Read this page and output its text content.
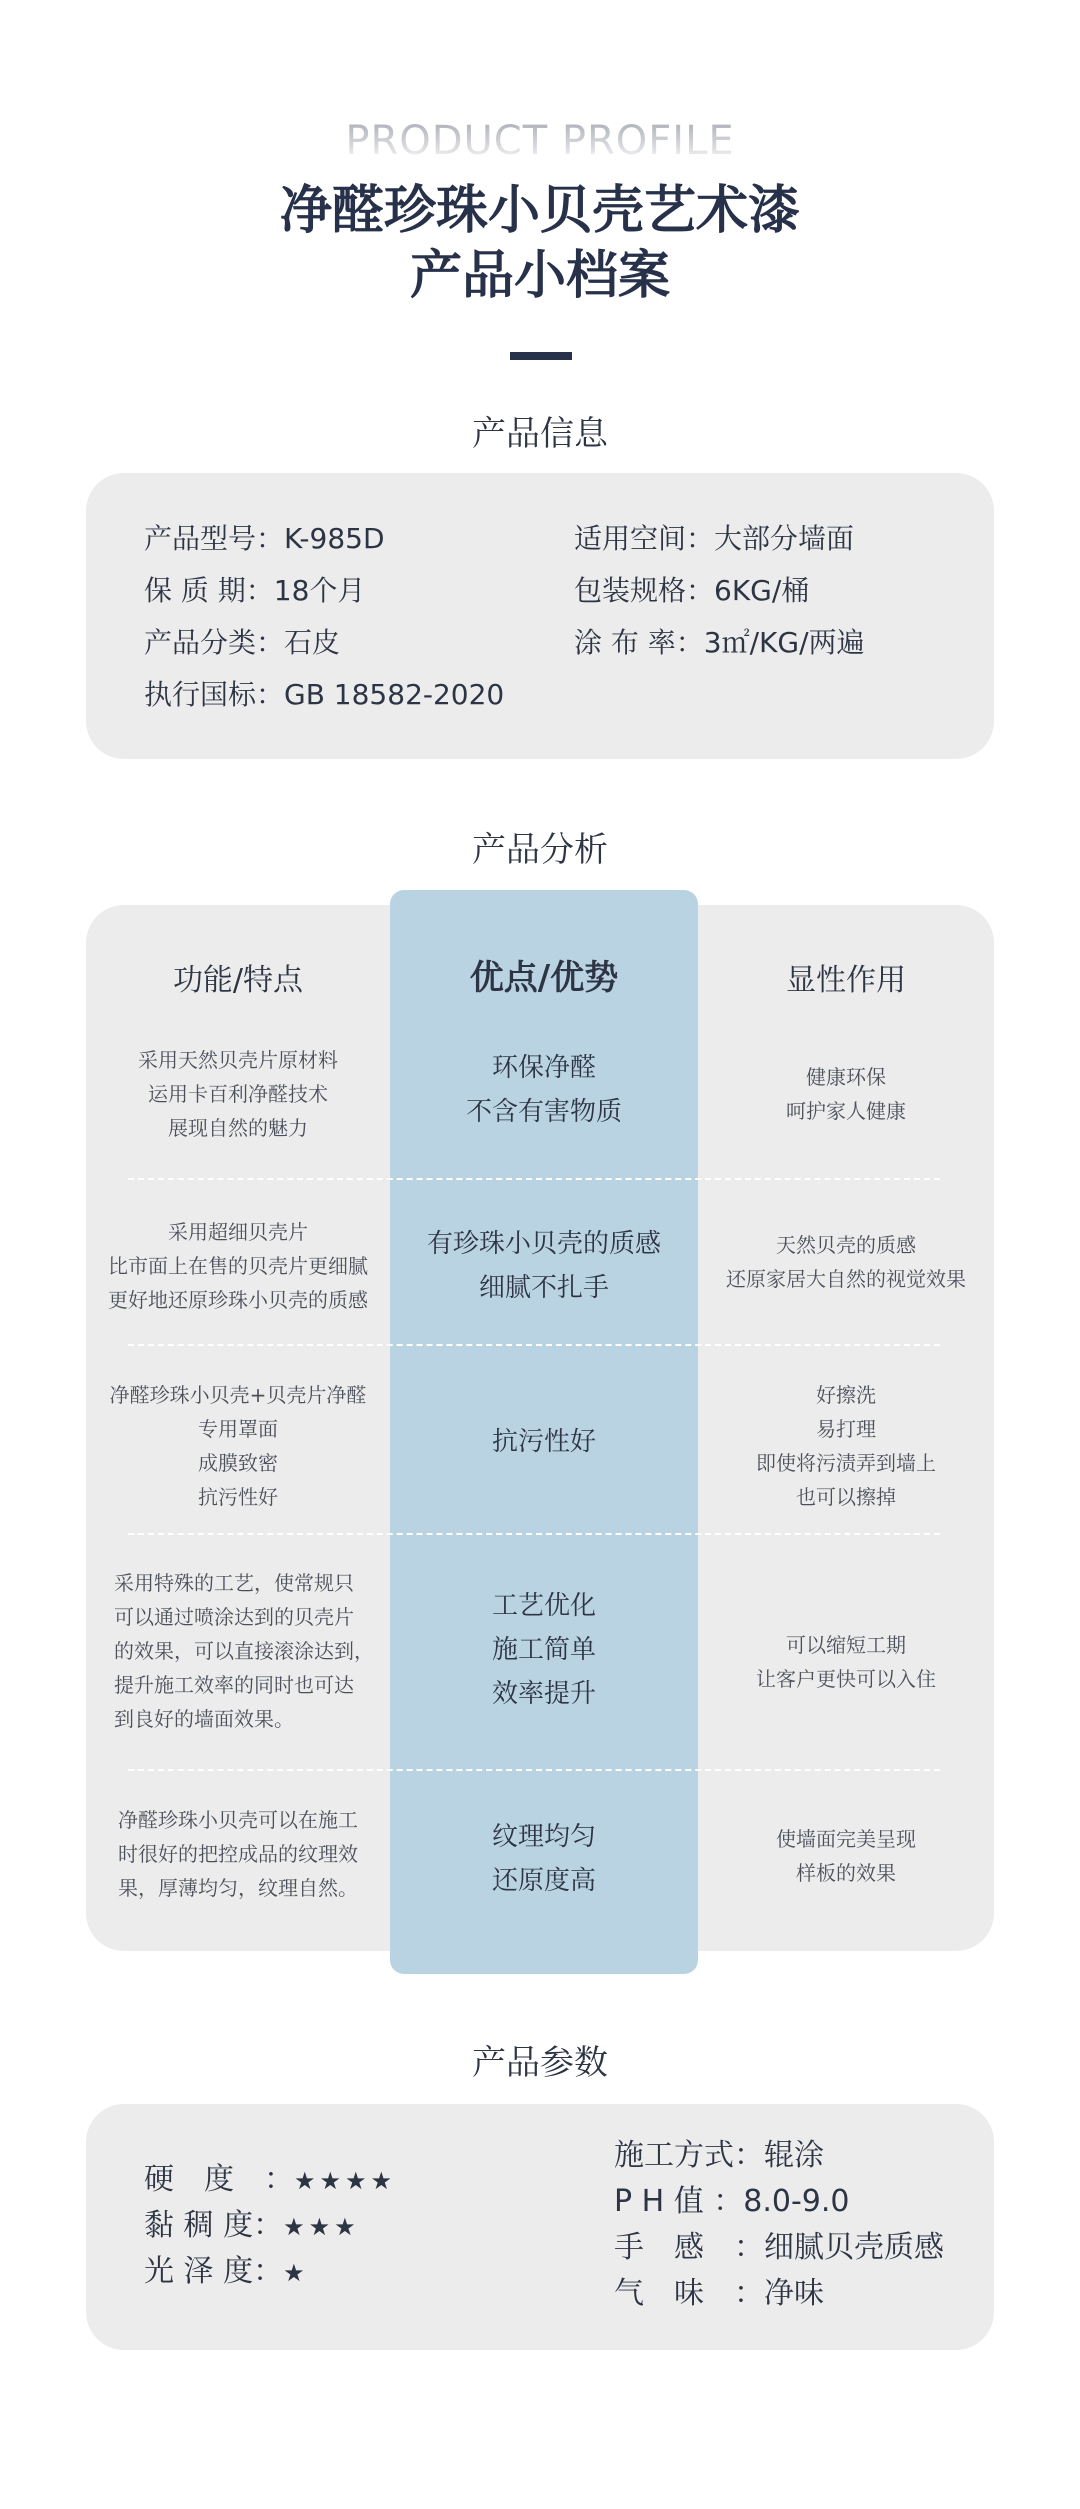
PRODUCT PROFILE
净醛珍珠小贝壳艺术漆
产品小档案
产品信息
产品型号：K-985D
保 质 期：18个月
产品分类：石皮
执行国标：GB 18582-2020
适用空间：大部分墙面
包装规格：6KG/桶
涂 布 率：3㎡/KG/两遍
产品分析
功能/特点	优点/优势	显性作用
采用天然贝壳片原材料
运用卡百利净醛技术
展现自然的魅力
环保净醛
不含有害物质
健康环保
呵护家人健康
采用超细贝壳片
比市面上在售的贝壳片更细腻
更好地还原珍珠小贝壳的质感
有珍珠小贝壳的质感
细腻不扎手
天然贝壳的质感
还原家居大自然的视觉效果
净醛珍珠小贝壳+贝壳片净醛
专用罩面
成膜致密
抗污性好
抗污性好
好擦洗
易打理
即使将污渍弄到墙上
也可以擦掉
采用特殊的工艺，使常规只
可以通过喷涂达到的贝壳片
的效果，可以直接滚涂达到，
提升施工效率的同时也可达
到良好的墙面效果。
工艺优化
施工简单
效率提升
可以缩短工期
让客户更快可以入住
净醛珍珠小贝壳可以在施工
时很好的把控成品的纹理效
果，厚薄均匀，纹理自然。
纹理均匀
还原度高
使墙面完美呈现
样板的效果
产品参数
硬　度　：★★★★
黏 稠 度：★★★
光 泽 度：★
施工方式：辊涂
P H 值 ：8.0-9.0
手　感　：细腻贝壳质感
气　味　：净味
